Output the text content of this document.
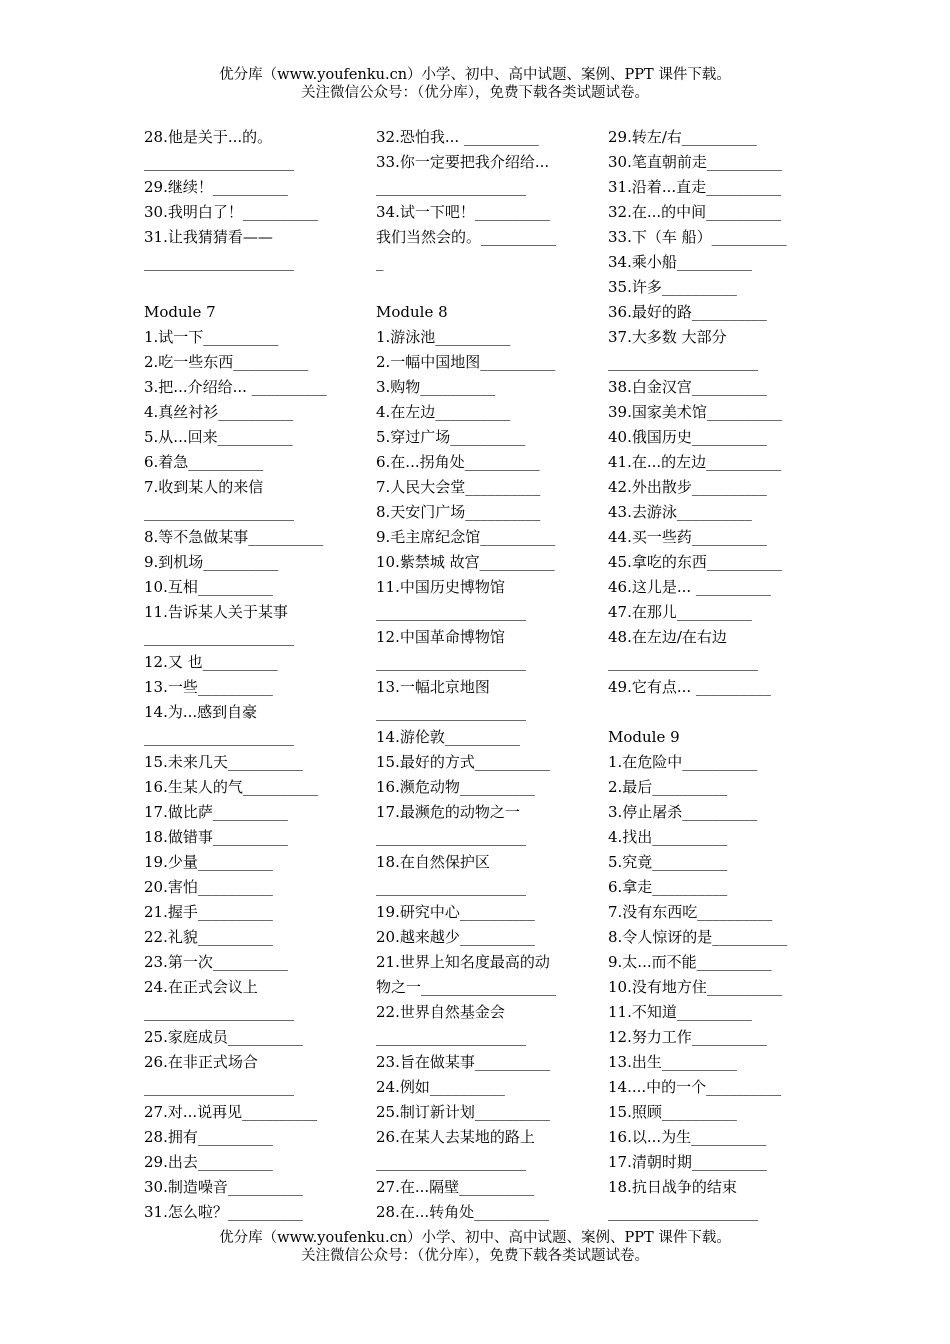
优分库（www.youfenku.cn）小学、初中、高中试题、案例、PPT 课件下载。
关注微信公众号：（优分库），免费下载各类试题试卷。
28.他是关于...的。
____________________
29.继续！__________
30.我明白了！__________
31.让我猜猜看——
____________________
Module 7
1.试一下__________
2.吃一些东西__________
3.把...介绍给... __________
4.真丝衬衫__________
5.从...回来__________
6.着急__________
7.收到某人的来信
____________________
8.等不急做某事__________
9.到机场__________
10.互相__________
11.告诉某人关于某事
____________________
12.又 也__________
13.一些__________
14.为...感到自豪
____________________
15.未来几天__________
16.生某人的气__________
17.做比萨__________
18.做错事__________
19.少量__________
20.害怕__________
21.握手__________
22.礼貌__________
23.第一次__________
24.在正式会议上
____________________
25.家庭成员__________
26.在非正式场合
____________________
27.对...说再见__________
28.拥有__________
29.出去__________
30.制造噪音__________
31.怎么啦？__________
32.恐怕我... __________
33.你一定要把我介绍给...
____________________
34.试一下吧！__________
我们当然会的。__________
_
Module 8
1.游泳池__________
2.一幅中国地图__________
3.购物__________
4.在左边__________
5.穿过广场__________
6.在...拐角处__________
7.人民大会堂__________
8.天安门广场__________
9.毛主席纪念馆__________
10.紫禁城 故宫__________
11.中国历史博物馆
____________________
12.中国革命博物馆
____________________
13.一幅北京地图
____________________
14.游伦敦__________
15.最好的方式__________
16.濒危动物__________
17.最濒危的动物之一
____________________
18.在自然保护区
____________________
19.研究中心__________
20.越来越少__________
21.世界上知名度最高的动
物之一__________________
22.世界自然基金会
____________________
23.旨在做某事__________
24.例如__________
25.制订新计划__________
26.在某人去某地的路上
____________________
27.在...隔壁__________
28.在...转角处__________
29.转左/右__________
30.笔直朝前走__________
31.沿着...直走__________
32.在...的中间__________
33.下（车 船）__________
34.乘小船__________
35.许多__________
36.最好的路__________
37.大多数 大部分
____________________
38.白金汉宫__________
39.国家美术馆__________
40.俄国历史__________
41.在...的左边__________
42.外出散步__________
43.去游泳__________
44.买一些药__________
45.拿吃的东西__________
46.这儿是... __________
47.在那儿__________
48.在左边/在右边
____________________
49.它有点... __________
Module 9
1.在危险中__________
2.最后__________
3.停止屠杀__________
4.找出__________
5.究竟__________
6.拿走__________
7.没有东西吃__________
8.令人惊讶的是__________
9.太...而不能__________
10.没有地方住__________
11.不知道__________
12.努力工作__________
13.出生__________
14....中的一个__________
15.照顾__________
16.以...为生__________
17.清朝时期__________
18.抗日战争的结束
____________________
优分库（www.youfenku.cn）小学、初中、高中试题、案例、PPT 课件下载。
关注微信公众号：（优分库），免费下载各类试题试卷。
